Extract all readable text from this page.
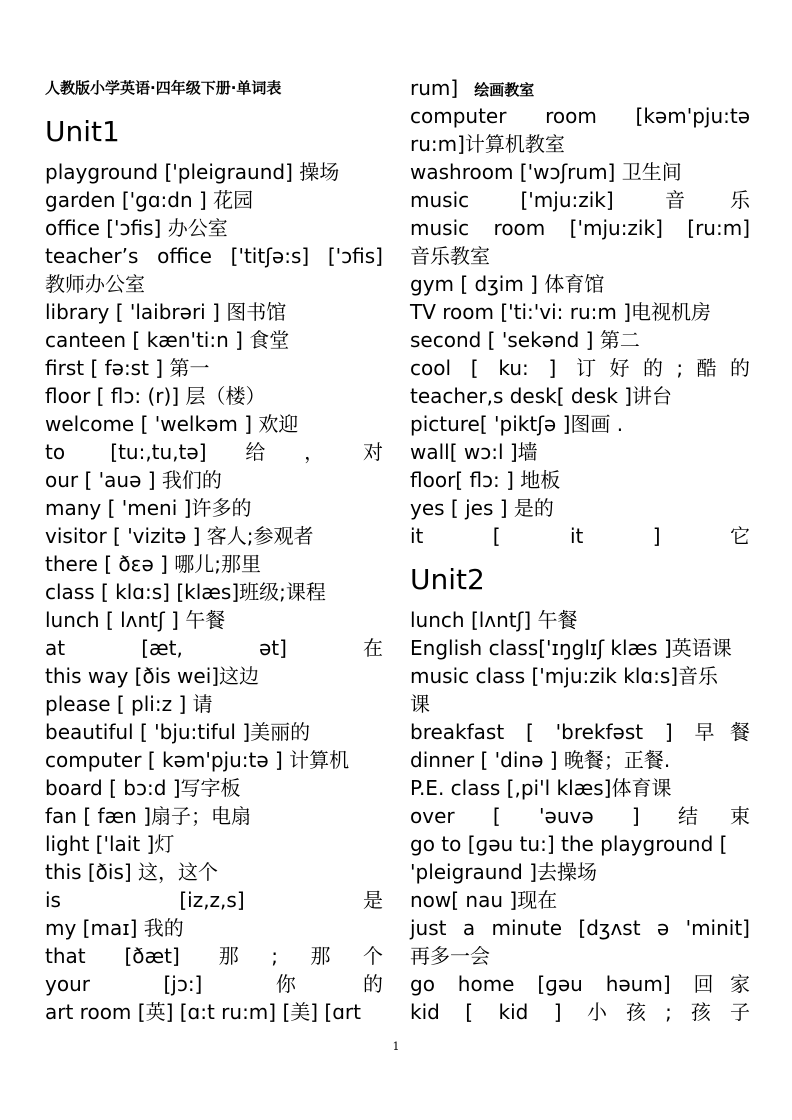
人教版小学英语·四年级下册·单词表
Unit1
playground ['pleigraund] 操场
garden ['gɑ:dn ] 花园
office ['ɔfis] 办公室
teacher’s office ['titʃə:s] ['ɔfis]
教师办公室
library [ 'laibrəri ] 图书馆
canteen [ kæn'ti:n ] 食堂
first [ fə:st ] 第一
floor [ flɔ: (r)] 层（楼）
welcome [ 'welkəm ] 欢迎
to [tu:,tu,tə]给，对
our [ 'auə ] 我们的
many [ 'meni ]许多的
visitor [ 'vizitə ] 客人;参观者
there [ ðεə ] 哪儿;那里
class [ klɑ:s] [klæs]班级;课程
lunch [ lʌntʃ ] 午餐
at [æt, ət] 在
this way [ðis wei]这边
please [ pli:z ] 请
beautiful [ 'bju:tiful ]美丽的
computer [ kəm'pju:tə ] 计算机
board [ bɔ:d ]写字板
fan [ fæn ]扇子；电扇
light ['lait ]灯
this [ðis] 这，这个
is [iz,z,s] 是
my [maɪ] 我的
that [ðæt] 那;那个
your [jɔ:] 你的
art room [英] [ɑ:t ru:m] [美] [ɑrt
rum] 绘画教室
computer room [kəm'pju:tə
ru:m]计算机教室
washroom ['wɔʃrum] 卫生间
music ['mju:zik] 音乐
music room ['mju:zik] [ru:m]
音乐教室
gym [ dʒim ] 体育馆
TV room ['ti:'vi: ru:m ]电视机房
second [ 'sekənd ] 第二
cool [ ku: ] 订好的;酷的
teacher,s desk[ desk ]讲台
picture[ 'piktʃə ]图画 .
wall[ wɔ:l ]墙
floor[ flɔ: ] 地板
yes [ jes ] 是的
it [ it ] 它
Unit2
lunch [lʌntʃ] 午餐
English class['ɪŋglɪʃ klæs ]英语课
music class ['mju:zik klɑ:s]音乐
课
breakfast [ 'brekfəst ] 早餐
dinner [ 'dinə ] 晚餐；正餐.
P.E. class [,pi'l klæs]体育课
over [ 'əuvə ] 结束
go to [ɡəu tu:] the playground [
'pleigraund ]去操场
now[ nau ]现在
just a minute [dʒʌst ə 'minit]
再多一会
go home [ɡəu həum] 回家
kid [ kid ] 小孩;孩子
1
